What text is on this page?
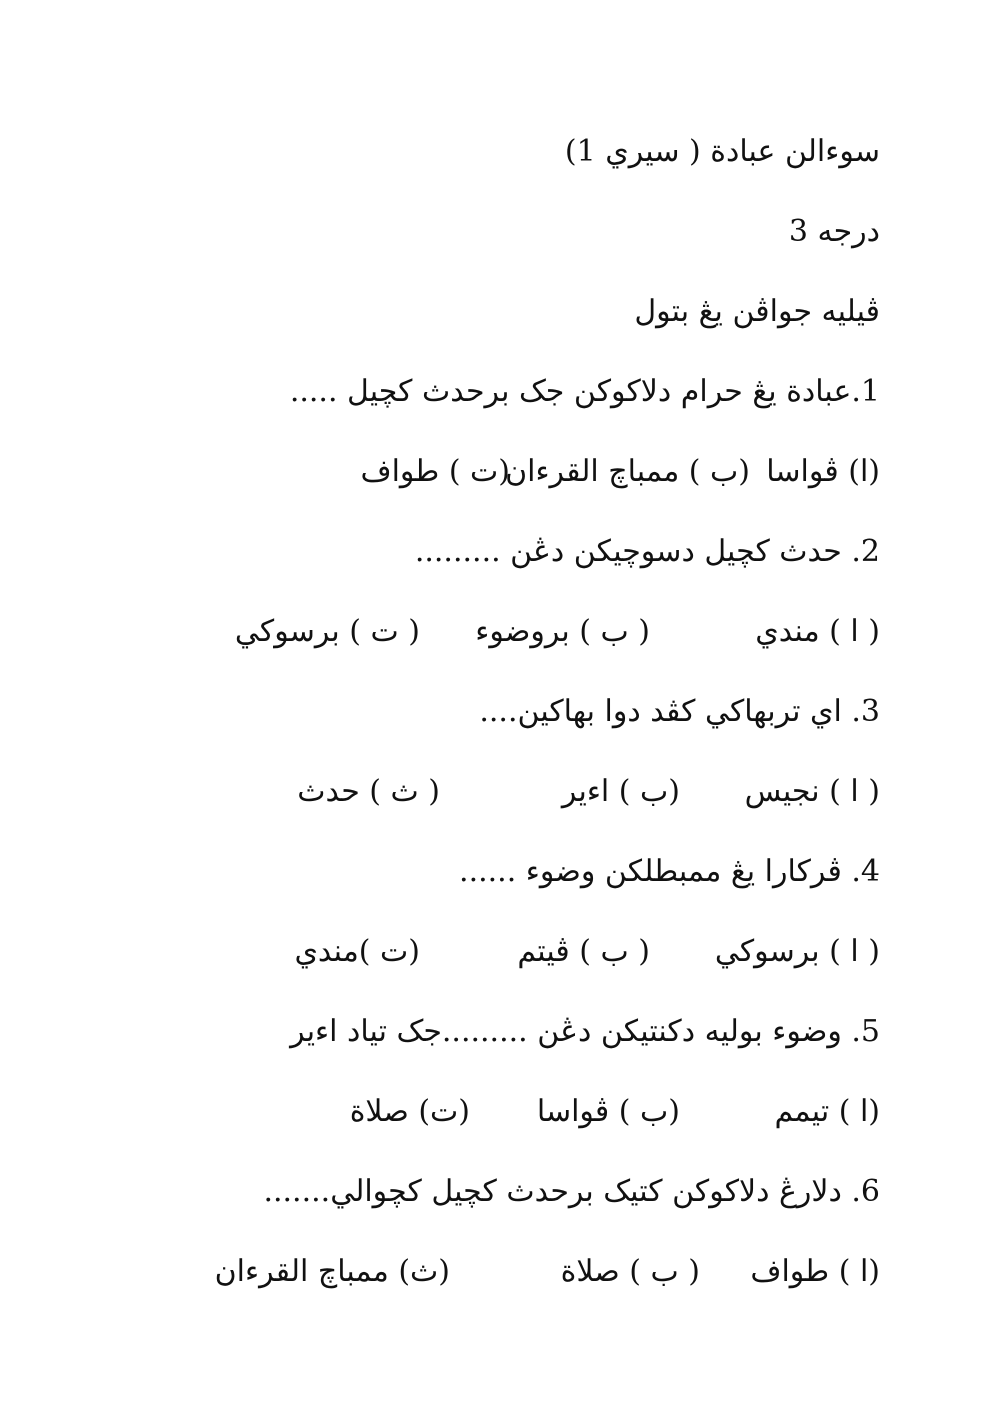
سوءالن عبادة ( سيري 1)
درجه 3
ڤيليه جواڤن يڠ بتول
1.عبادة يڠ حرام دلاکوکن جک برحدث کچيل .....
(ا) ڤواسا
(ب ) ممباچ القرءان
(ت ) طواف
2. حدث کچيل دسوچيکن دڠن .........
( ا ) مندي
( ب ) بروضوء
( ت ) برسوکي
3. اي تربهاکي کڤد دوا بهاکين....
( ا ) نجيس
(ب ) اءير
( ث ) حدث
4. ڤرکارا يڠ ممبطلکن وضوء ......
( ا ) برسوکي
( ب ) ڤيتم
(ت )مندي
5. وضوء بوليه دکنتيکن دڠن .........جک تياد اءير
(ا ) تيمم
(ب ) ڤواسا
(ت) صلاة
6. دلارڠ دلاکوکن کتيک برحدث کچيل کچوالي.......
(ا ) طواف
( ب ) صلاة
(ث) ممباچ القرءان
